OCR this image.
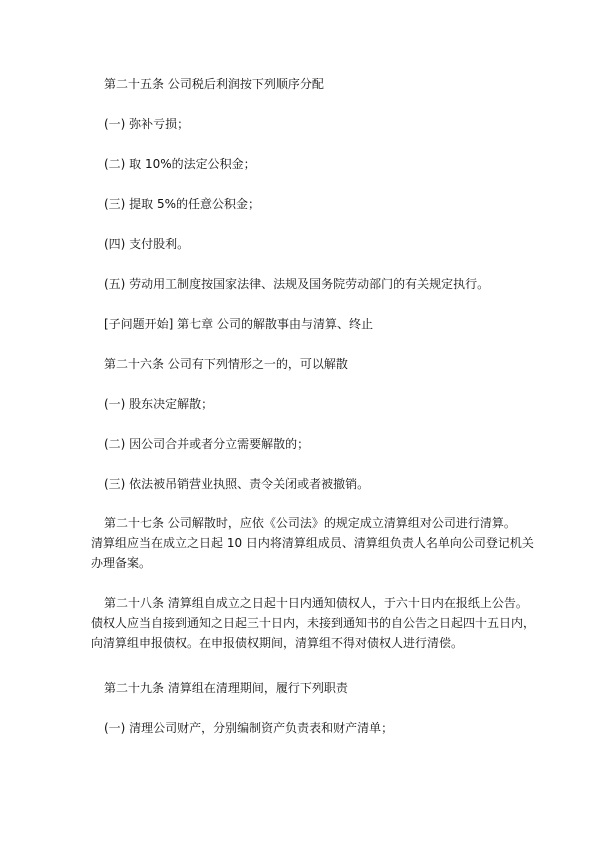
第二十五条 公司税后利润按下列顺序分配
(一) 弥补亏损；
(二) 取 10%的法定公积金；
(三) 提取 5%的任意公积金；
(四) 支付股利。
(五) 劳动用工制度按国家法律、法规及国务院劳动部门的有关规定执行。
[子问题开始] 第七章 公司的解散事由与清算、终止
第二十六条 公司有下列情形之一的，可以解散
(一) 股东决定解散；
(二) 因公司合并或者分立需要解散的；
(三) 依法被吊销营业执照、责令关闭或者被撤销。
第二十七条 公司解散时，应依《公司法》的规定成立清算组对公司进行清算。
清算组应当在成立之日起 10 日内将清算组成员、清算组负责人名单向公司登记机关
办理备案。
第二十八条 清算组自成立之日起十日内通知债权人，于六十日内在报纸上公告。
债权人应当自接到通知之日起三十日内，未接到通知书的自公告之日起四十五日内，
向清算组申报债权。在申报债权期间，清算组不得对债权人进行清偿。
第二十九条 清算组在清理期间，履行下列职责
(一) 清理公司财产，分别编制资产负责表和财产清单；
